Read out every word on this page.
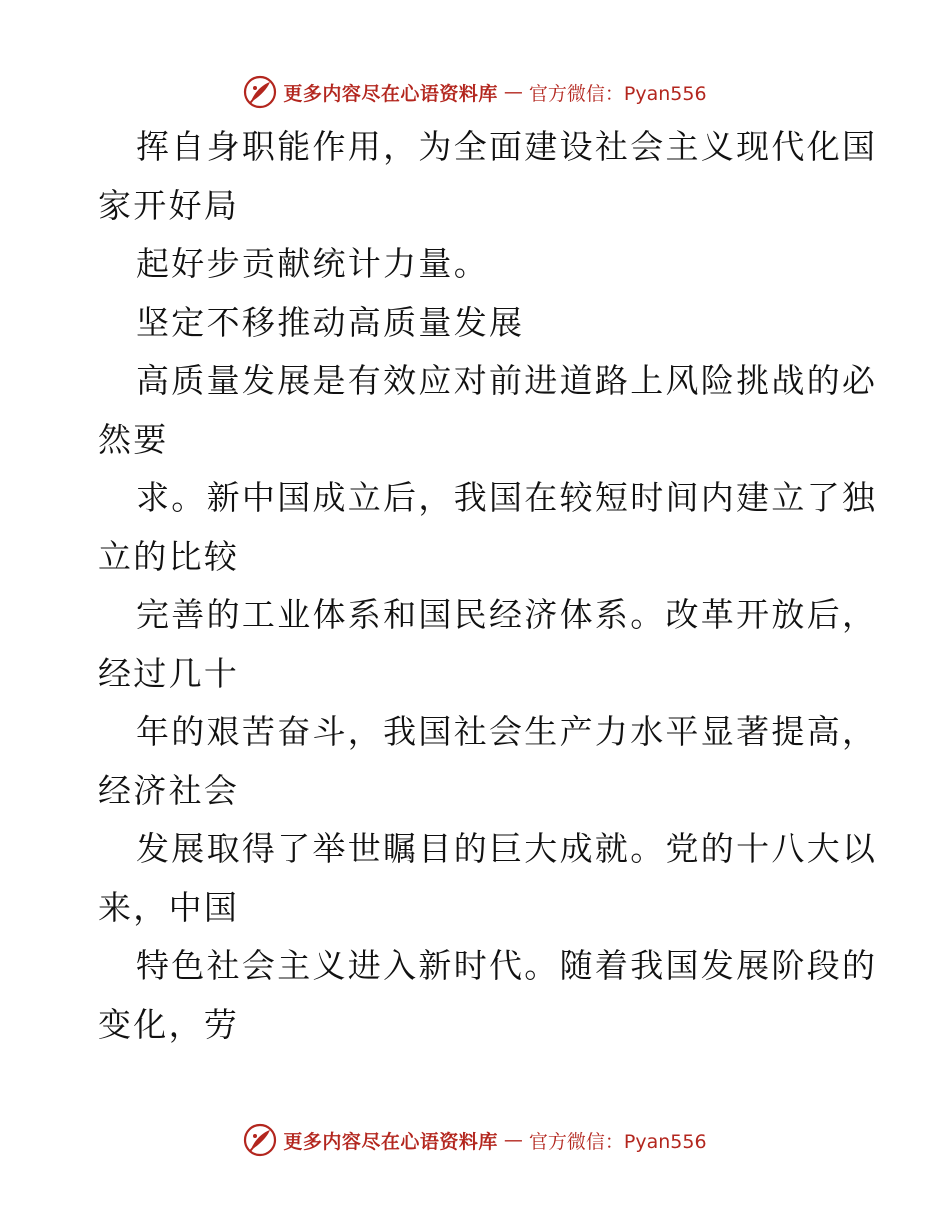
更多内容尽在心语资料库 — 官方微信：Pyan556

挥自身职能作用，为全面建设社会主义现代化国

家开好局

起好步贡献统计力量。

坚定不移推动高质量发展

高质量发展是有效应对前进道路上风险挑战的必

然要

求。新中国成立后，我国在较短时间内建立了独

立的比较

完善的工业体系和国民经济体系。改革开放后，

经过几十

年的艰苦奋斗，我国社会生产力水平显著提高，

经济社会

发展取得了举世瞩目的巨大成就。党的十八大以

来，中国

特色社会主义进入新时代。随着我国发展阶段的

变化，劳

更多内容尽在心语资料库 — 官方微信：Pyan556
